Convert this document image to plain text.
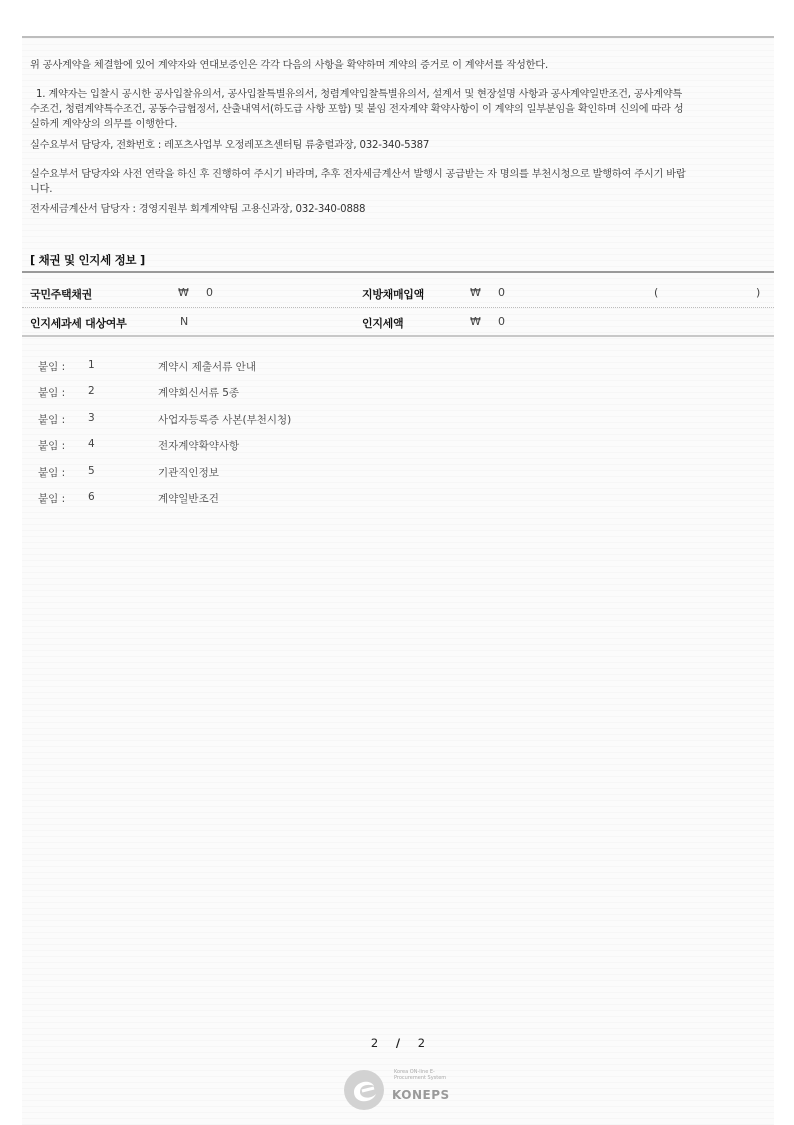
위 공사계약을 체결함에 있어 계약자와 연대보증인은 각각 다음의 사항을 확약하며 계약의 증거로 이 계약서를 작성한다.
1. 계약자는 입찰시 공시한 공사입찰유의서, 공사입찰특별유의서, 청렴계약입찰특별유의서, 설계서 및 현장설명 사항과 공사계약일반조건, 공사계약특
수조건, 청렴계약특수조건, 공동수급협정서, 산출내역서(하도급 사항 포함) 및 붙임 전자계약 확약사항이 이 계약의 일부분임을 확인하며 신의에 따라 성
실하게 계약상의 의무를 이행한다.
실수요부서 담당자, 전화번호 : 레포츠사업부 오정레포츠센터팀 류충렬과장, 032-340-5387
실수요부서 담당자와 사전 연락을 하신 후 진행하여 주시기 바라며, 추후 전자세금계산서 발행시 공급받는 자 명의를 부천시청으로 발행하여 주시기 바랍
니다.
전자세금계산서 담당자 : 경영지원부 회계계약팀 고용신과장, 032-340-0888
[ 채권 및 인지세 정보 ]
국민주택채권	₩ 0	지방채매입액	₩ 0	(	)
인지세과세 대상여부	N	인지세액	₩ 0
붙임 : 1	계약시 제출서류 안내
붙임 : 2	계약회신서류 5종
붙임 : 3	사업자등록증 사본(부천시청)
붙임 : 4	전자계약확약사항
붙임 : 5	기관직인정보
붙임 : 6	계약일반조건
2 / 2
Korea ON-line E-Procurement System
KONEPS
